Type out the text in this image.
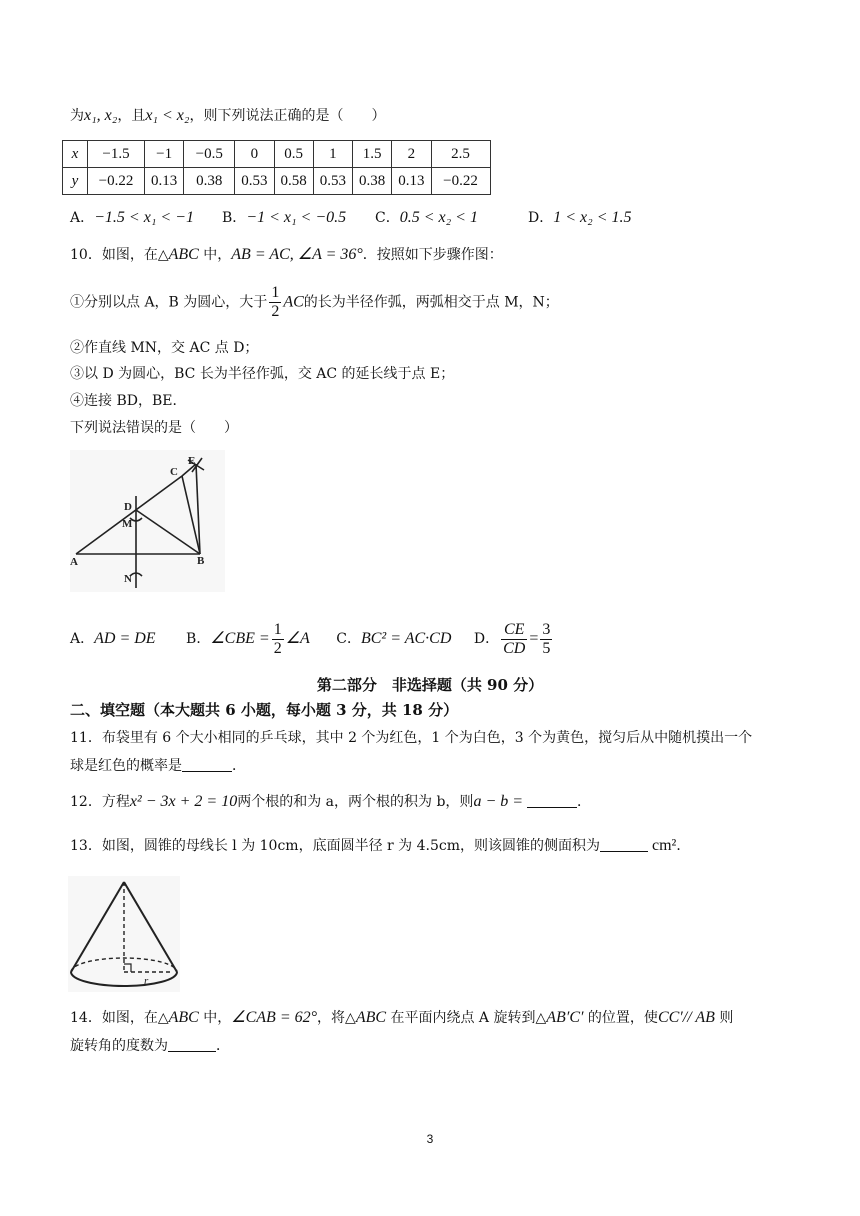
为x₁, x₂，且x₁ < x₂，则下列说法正确的是（　　）
x	−1.5	−1	−0.5	0	0.5	1	1.5	2	2.5
y	−0.22	0.13	0.38	0.53	0.58	0.53	0.38	0.13	−0.22
A．−1.5 < x₁ < −1 B．−1 < x₁ < −0.5 C．0.5 < x₂ < 1	D．1 < x₂ < 1.5
10．如图，在△ABC 中，AB = AC, ∠A = 36°．按照如下步骤作图：
①分别以点 A，B 为圆心，大于 $\frac{1}{2}$ AC的长为半径作弧，两弧相交于点 M，N；
②作直线 MN，交 AC 点 D；
③以 D 为圆心，BC 长为半径作弧，交 AC 的延长线于点 E；
④连接 BD，BE．
下列说法错误的是（　　）
A	B
C
D
E
M
N
A．AD = DE B．∠CBE = $\frac{1}{2}$ ∠A C．BC² = AC·CD D． $\frac{CE}{CD} = \frac{3}{5}$
第二部分　非选择题（共 90 分）
二、填空题（本大题共 6 小题，每小题 3 分，共 18 分）
11．布袋里有 6 个大小相同的乒乓球，其中 2 个为红色，1 个为白色，3 个为黄色，搅匀后从中随机摸出一个
球是红色的概率是	．
12．方程x² − 3x + 2 = 10两个根的和为 a，两个根的积为 b，则a − b =	．
13．如图，圆锥的母线长 l 为 10cm，底面圆半径 r 为 4.5cm，则该圆锥的侧面积为	cm²．
r
14．如图，在△ABC 中，∠CAB = 62°，将△ABC 在平面内绕点 A 旋转到△AB′C′ 的位置，使CC′// AB 则
旋转角的度数为	．
3
